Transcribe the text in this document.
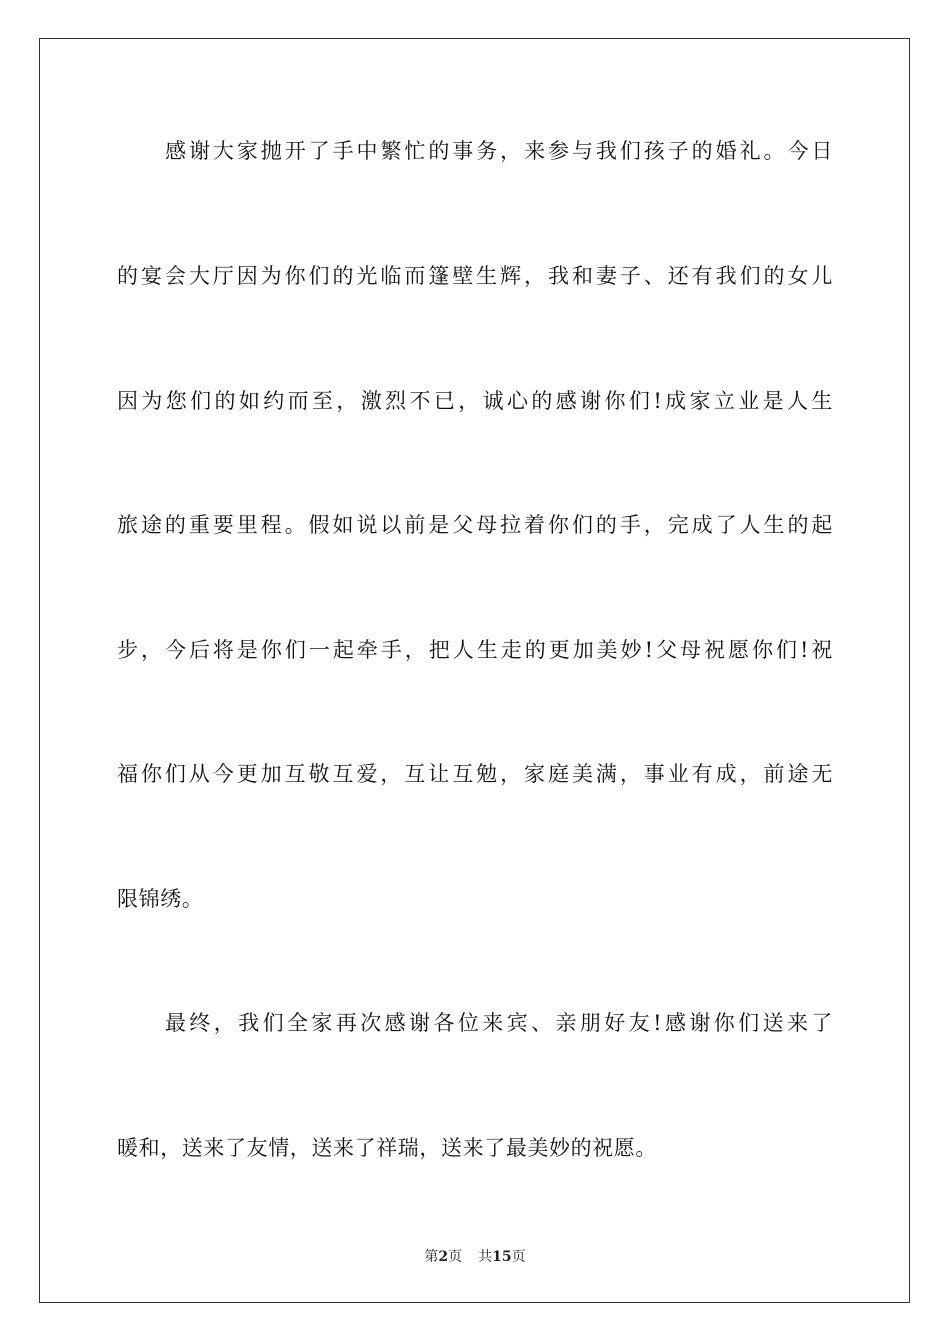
感谢大家抛开了手中繁忙的事务，来参与我们孩子的婚礼。今日
的宴会大厅因为你们的光临而篷壁生辉，我和妻子、还有我们的女儿
因为您们的如约而至，激烈不已，诚心的感谢你们!成家立业是人生
旅途的重要里程。假如说以前是父母拉着你们的手，完成了人生的起
步，今后将是你们一起牵手，把人生走的更加美妙!父母祝愿你们!祝
福你们从今更加互敬互爱，互让互勉，家庭美满，事业有成，前途无
限锦绣。
最终，我们全家再次感谢各位来宾、亲朋好友!感谢你们送来了
暖和，送来了友情，送来了祥瑞，送来了最美妙的祝愿。
第2页 共15页
